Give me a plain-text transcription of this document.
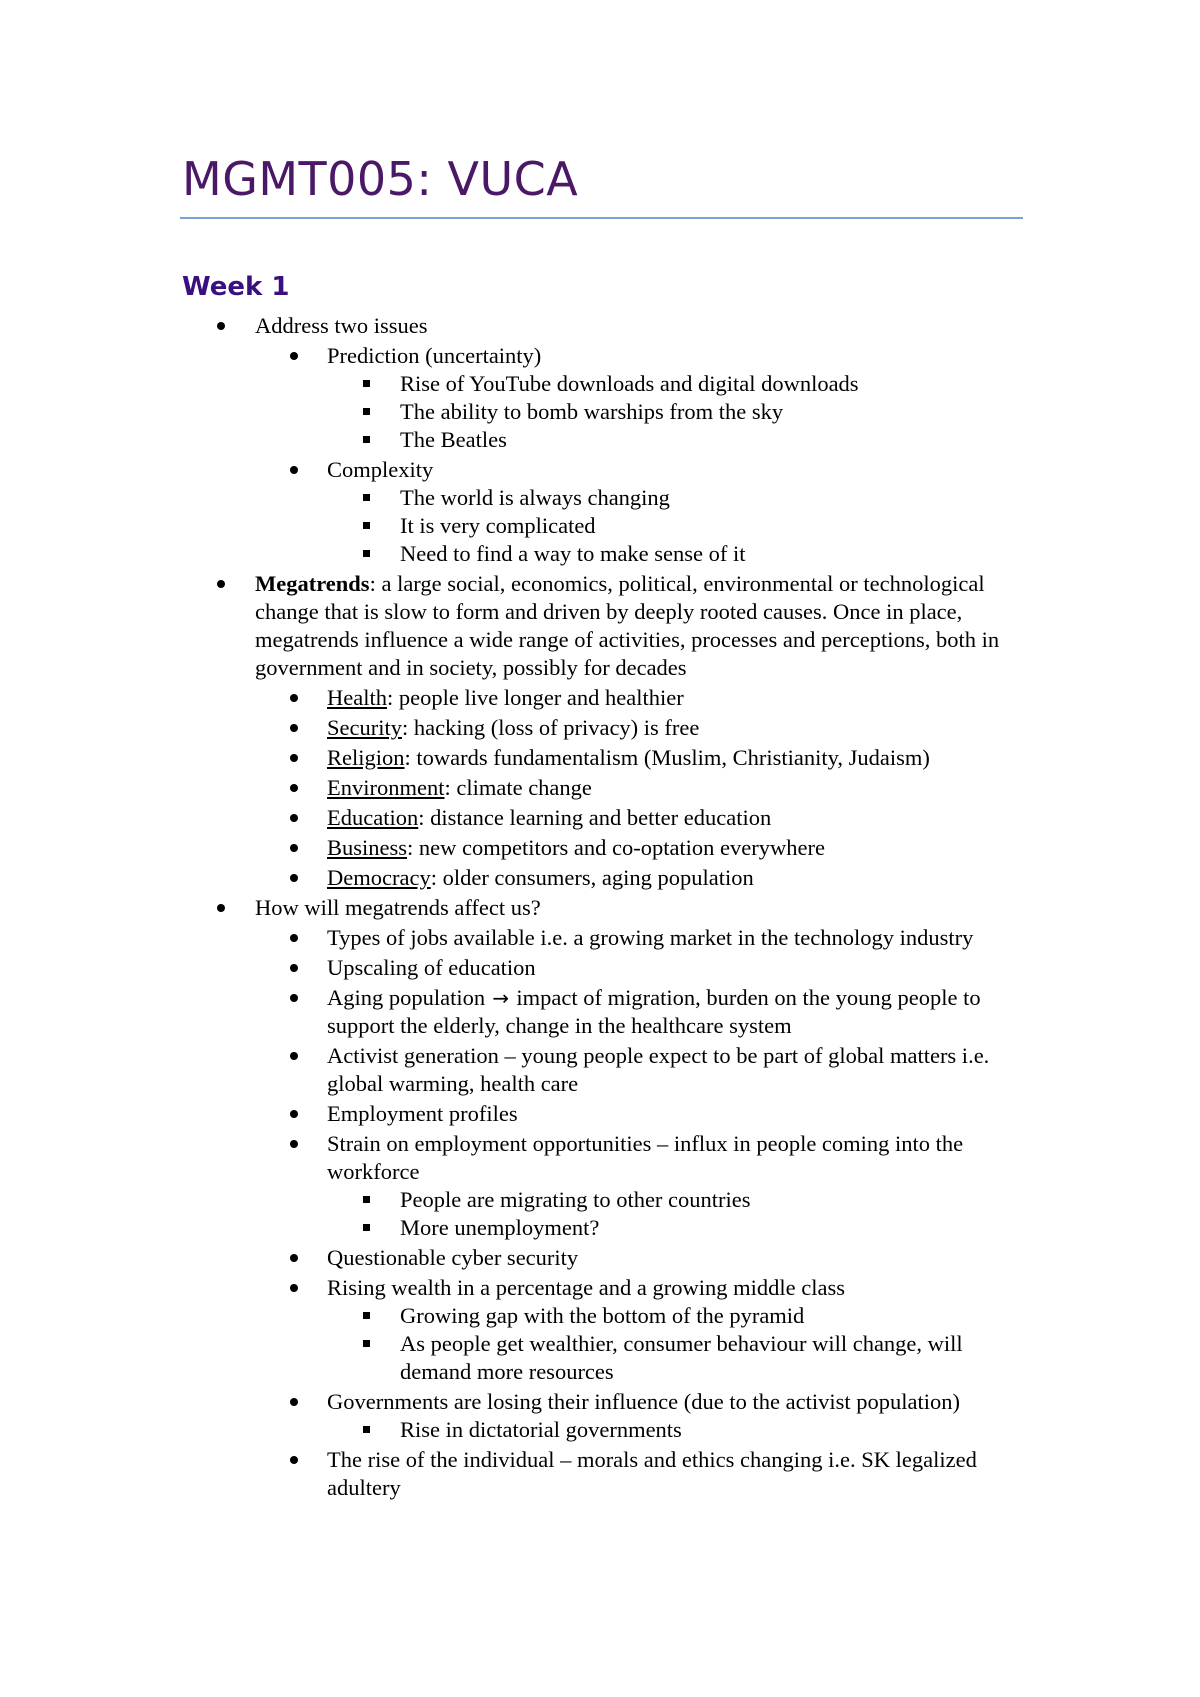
MGMT005: VUCA
Week 1
Address two issues
Prediction (uncertainty)
Rise of YouTube downloads and digital downloads
The ability to bomb warships from the sky
The Beatles
Complexity
The world is always changing
It is very complicated
Need to find a way to make sense of it
Megatrends: a large social, economics, political, environmental or technological change that is slow to form and driven by deeply rooted causes. Once in place, megatrends influence a wide range of activities, processes and perceptions, both in government and in society, possibly for decades
Health: people live longer and healthier
Security: hacking (loss of privacy) is free
Religion: towards fundamentalism (Muslim, Christianity, Judaism)
Environment: climate change
Education: distance learning and better education
Business: new competitors and co-optation everywhere
Democracy: older consumers, aging population
How will megatrends affect us?
Types of jobs available i.e. a growing market in the technology industry
Upscaling of education
Aging population → impact of migration, burden on the young people to support the elderly, change in the healthcare system
Activist generation – young people expect to be part of global matters i.e. global warming, health care
Employment profiles
Strain on employment opportunities – influx in people coming into the workforce
People are migrating to other countries
More unemployment?
Questionable cyber security
Rising wealth in a percentage and a growing middle class
Growing gap with the bottom of the pyramid
As people get wealthier, consumer behaviour will change, will demand more resources
Governments are losing their influence (due to the activist population)
Rise in dictatorial governments
The rise of the individual – morals and ethics changing i.e. SK legalized adultery
